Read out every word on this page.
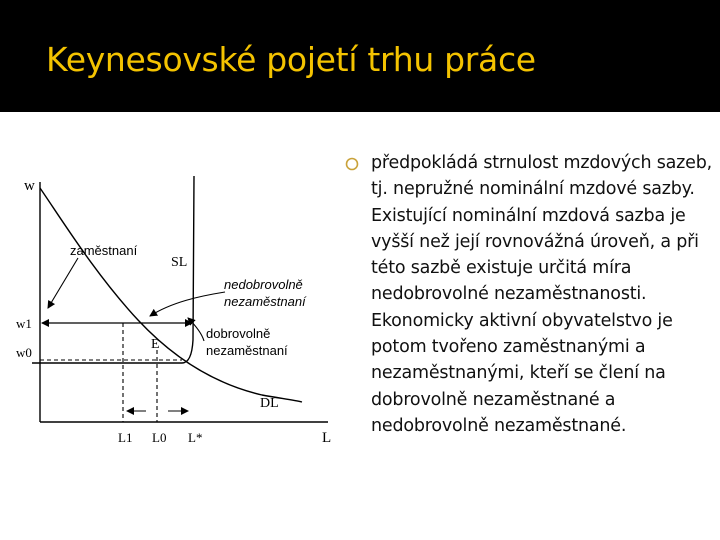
Keynesovské pojetí trhu práce
w
L
w1
w0
L1 L0 L*
SL
DL
E
zaměstnaní
nedobrovolně
nezaměstnaní
dobrovolně
nezaměstnaní
předpokládá strnulost mzdových sazeb, tj. nepružné nominální mzdové sazby. Existující nominální mzdová sazba je vyšší než její rovnovážná úroveň, a při této sazbě existuje určitá míra nedobrovolné nezaměstnanosti. Ekonomicky aktivní obyvatelstvo je potom tvořeno zaměstnanými a nezaměstnanými, kteří se člení na dobrovolně nezaměstnané a nedobrovolně nezaměstnané.
